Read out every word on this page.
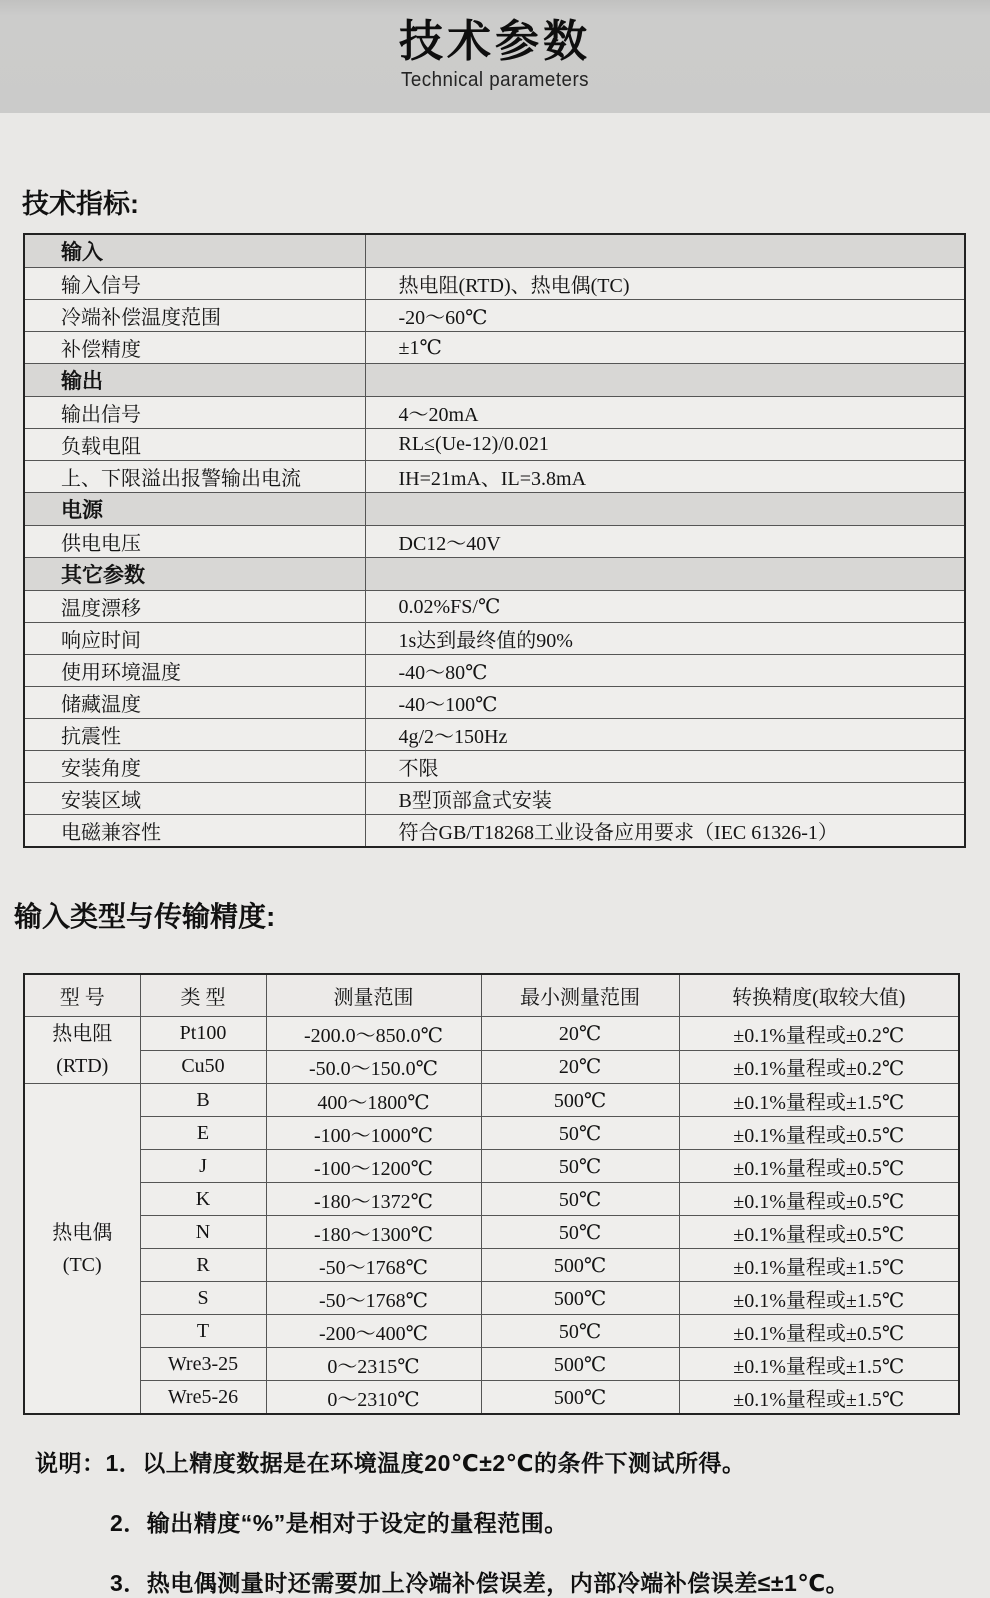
技术参数
Technical parameters
技术指标:
输入	
输入信号	热电阻(RTD)、热电偶(TC)
冷端补偿温度范围	-20～60℃
补偿精度	±1℃
输出	
输出信号	4～20mA
负载电阻	RL≤(Ue-12)/0.021
上、下限溢出报警输出电流	IH=21mA、IL=3.8mA
电源	
供电电压	DC12～40V
其它参数	
温度漂移	0.02%FS/℃
响应时间	1s达到最终值的90%
使用环境温度	-40～80℃
储藏温度	-40～100℃
抗震性	4g/2～150Hz
安装角度	不限
安装区域	B型顶部盒式安装
电磁兼容性	符合GB/T18268工业设备应用要求（IEC 61326-1）
输入类型与传输精度:
型 号	类 型	测量范围	最小测量范围	转换精度(取较大值)

热电阻
(RTD)	Pt100	-200.0～850.0℃	20℃	±0.1%量程或±0.2℃
	Cu50	-50.0～150.0℃	20℃	±0.1%量程或±0.2℃

热电偶
(TC)	B	400～1800℃	500℃	±0.1%量程或±1.5℃
	E	-100～1000℃	50℃	±0.1%量程或±0.5℃
	J	-100～1200℃	50℃	±0.1%量程或±0.5℃
	K	-180～1372℃	50℃	±0.1%量程或±0.5℃
	N	-180～1300℃	50℃	±0.1%量程或±0.5℃
	R	-50～1768℃	500℃	±0.1%量程或±1.5℃
	S	-50～1768℃	500℃	±0.1%量程或±1.5℃
	T	-200～400℃	50℃	±0.1%量程或±0.5℃
	Wre3-25	0～2315℃	500℃	±0.1%量程或±1.5℃
	Wre5-26	0～2310℃	500℃	±0.1%量程或±1.5℃
说明：1．以上精度数据是在环境温度20℃±2℃的条件下测试所得。
2．输出精度“%”是相对于设定的量程范围。
3．热电偶测量时还需要加上冷端补偿误差，内部冷端补偿误差≤±1℃。
